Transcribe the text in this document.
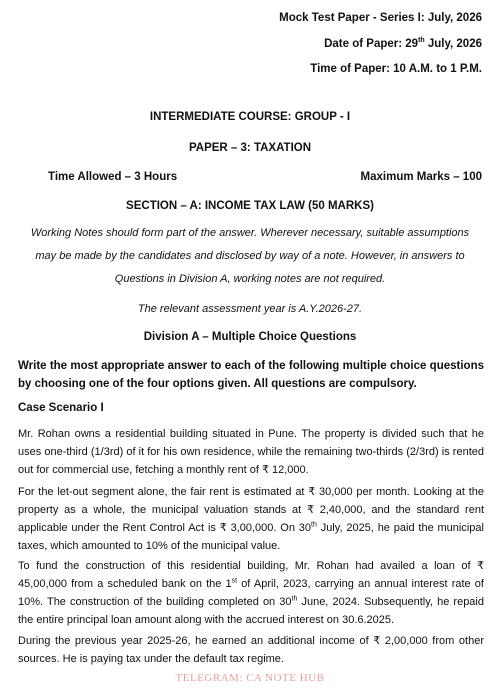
Mock Test Paper - Series I: July, 2026
Date of Paper: 29th July, 2026
Time of Paper: 10 A.M. to 1 P.M.
INTERMEDIATE COURSE: GROUP - I
PAPER – 3: TAXATION
Time Allowed – 3 Hours	Maximum Marks – 100
SECTION – A: INCOME TAX LAW (50 MARKS)
Working Notes should form part of the answer. Wherever necessary, suitable assumptions
may be made by the candidates and disclosed by way of a note. However, in answers to
Questions in Division A, working notes are not required.
The relevant assessment year is A.Y.2026-27.
Division A – Multiple Choice Questions
Write the most appropriate answer to each of the following multiple choice questions by choosing one of the four options given. All questions are compulsory.
Case Scenario I
Mr. Rohan owns a residential building situated in Pune. The property is divided such that he uses one-third (1/3rd) of it for his own residence, while the remaining two-thirds (2/3rd) is rented out for commercial use, fetching a monthly rent of ₹ 12,000.
For the let-out segment alone, the fair rent is estimated at ₹ 30,000 per month. Looking at the property as a whole, the municipal valuation stands at ₹ 2,40,000, and the standard rent applicable under the Rent Control Act is ₹ 3,00,000. On 30th July, 2025, he paid the municipal taxes, which amounted to 10% of the municipal value.
To fund the construction of this residential building, Mr. Rohan had availed a loan of ₹ 45,00,000 from a scheduled bank on the 1st of April, 2023, carrying an annual interest rate of 10%. The construction of the building completed on 30th June, 2024. Subsequently, he repaid the entire principal loan amount along with the accrued interest on 30.6.2025.
During the previous year 2025-26, he earned an additional income of ₹ 2,00,000 from other sources. He is paying tax under the default tax regime.
TELEGRAM: CA NOTE HUB
